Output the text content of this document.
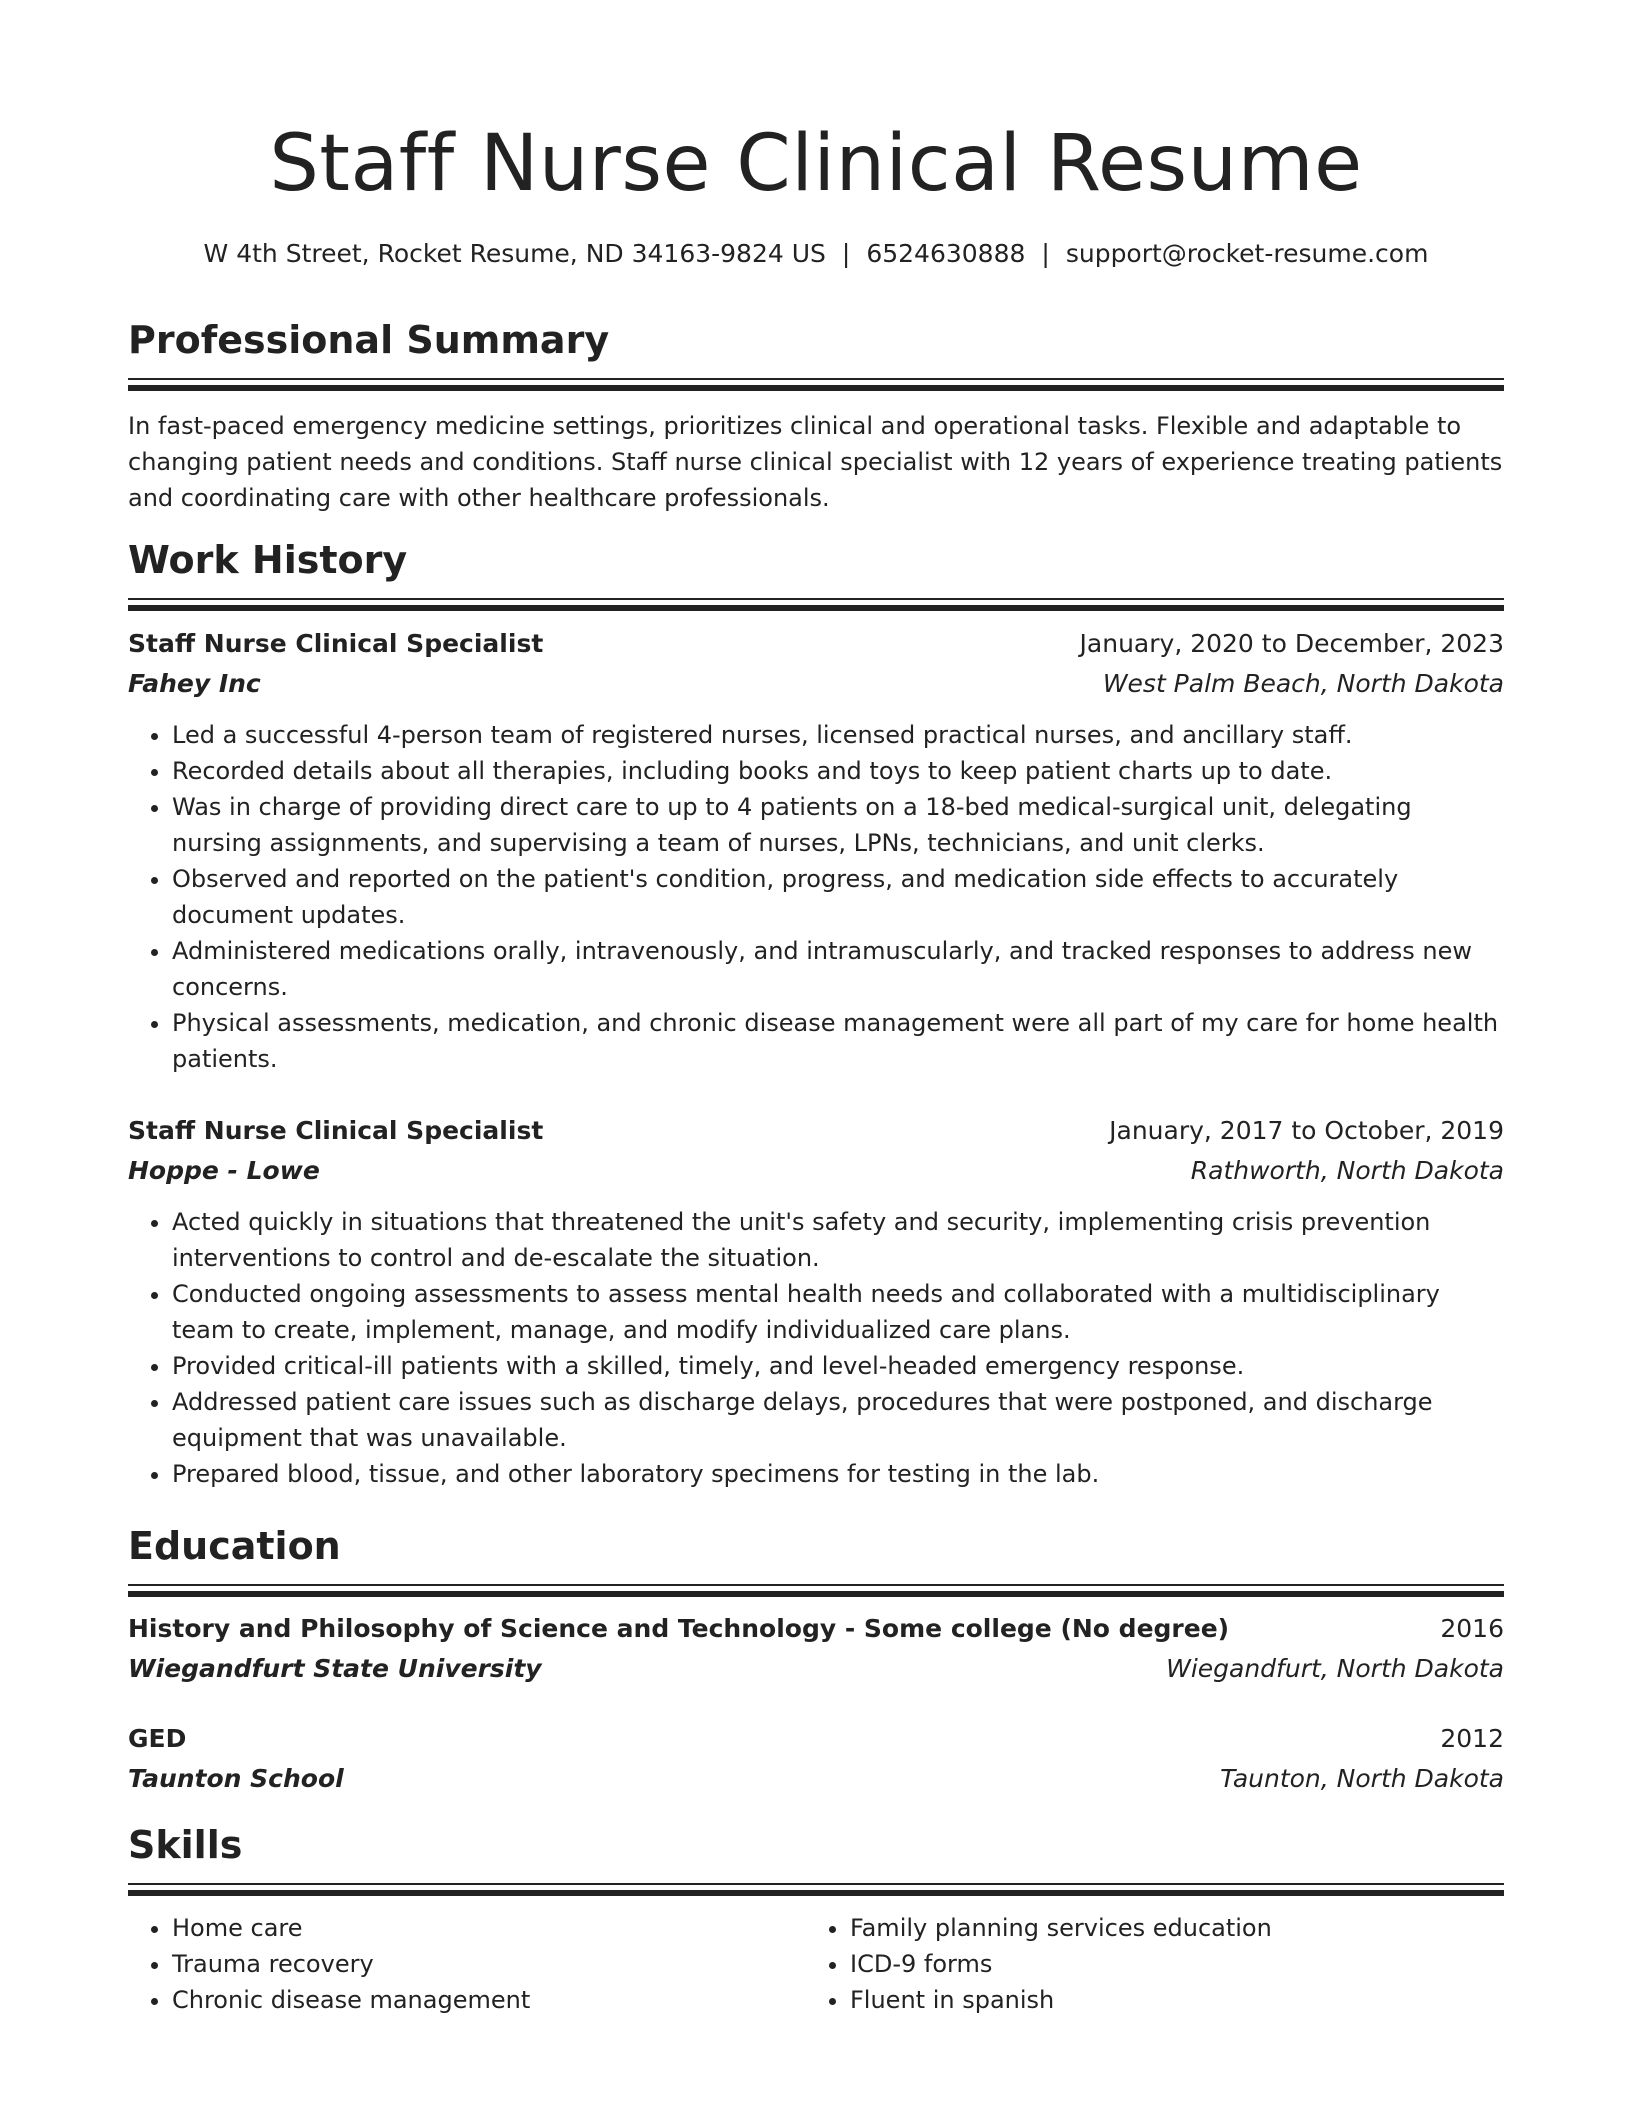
Staff Nurse Clinical Resume
W 4th Street, Rocket Resume, ND 34163-9824 US | 6524630888 | support@rocket-resume.com
Professional Summary
In fast-paced emergency medicine settings, prioritizes clinical and operational tasks. Flexible and adaptable to changing patient needs and conditions. Staff nurse clinical specialist with 12 years of experience treating patients and coordinating care with other healthcare professionals.
Work History
Staff Nurse Clinical Specialist	January, 2020 to December, 2023
Fahey Inc	West Palm Beach, North Dakota
• Led a successful 4-person team of registered nurses, licensed practical nurses, and ancillary staff.
• Recorded details about all therapies, including books and toys to keep patient charts up to date.
• Was in charge of providing direct care to up to 4 patients on a 18-bed medical-surgical unit, delegating nursing assignments, and supervising a team of nurses, LPNs, technicians, and unit clerks.
• Observed and reported on the patient's condition, progress, and medication side effects to accurately document updates.
• Administered medications orally, intravenously, and intramuscularly, and tracked responses to address new concerns.
• Physical assessments, medication, and chronic disease management were all part of my care for home health patients.
Staff Nurse Clinical Specialist	January, 2017 to October, 2019
Hoppe - Lowe	Rathworth, North Dakota
• Acted quickly in situations that threatened the unit's safety and security, implementing crisis prevention interventions to control and de-escalate the situation.
• Conducted ongoing assessments to assess mental health needs and collaborated with a multidisciplinary team to create, implement, manage, and modify individualized care plans.
• Provided critical-ill patients with a skilled, timely, and level-headed emergency response.
• Addressed patient care issues such as discharge delays, procedures that were postponed, and discharge equipment that was unavailable.
• Prepared blood, tissue, and other laboratory specimens for testing in the lab.
Education
History and Philosophy of Science and Technology - Some college (No degree)	2016
Wiegandfurt State University	Wiegandfurt, North Dakota
GED	2012
Taunton School	Taunton, North Dakota
Skills
• Home care
• Trauma recovery
• Chronic disease management
• Family planning services education
• ICD-9 forms
• Fluent in spanish
